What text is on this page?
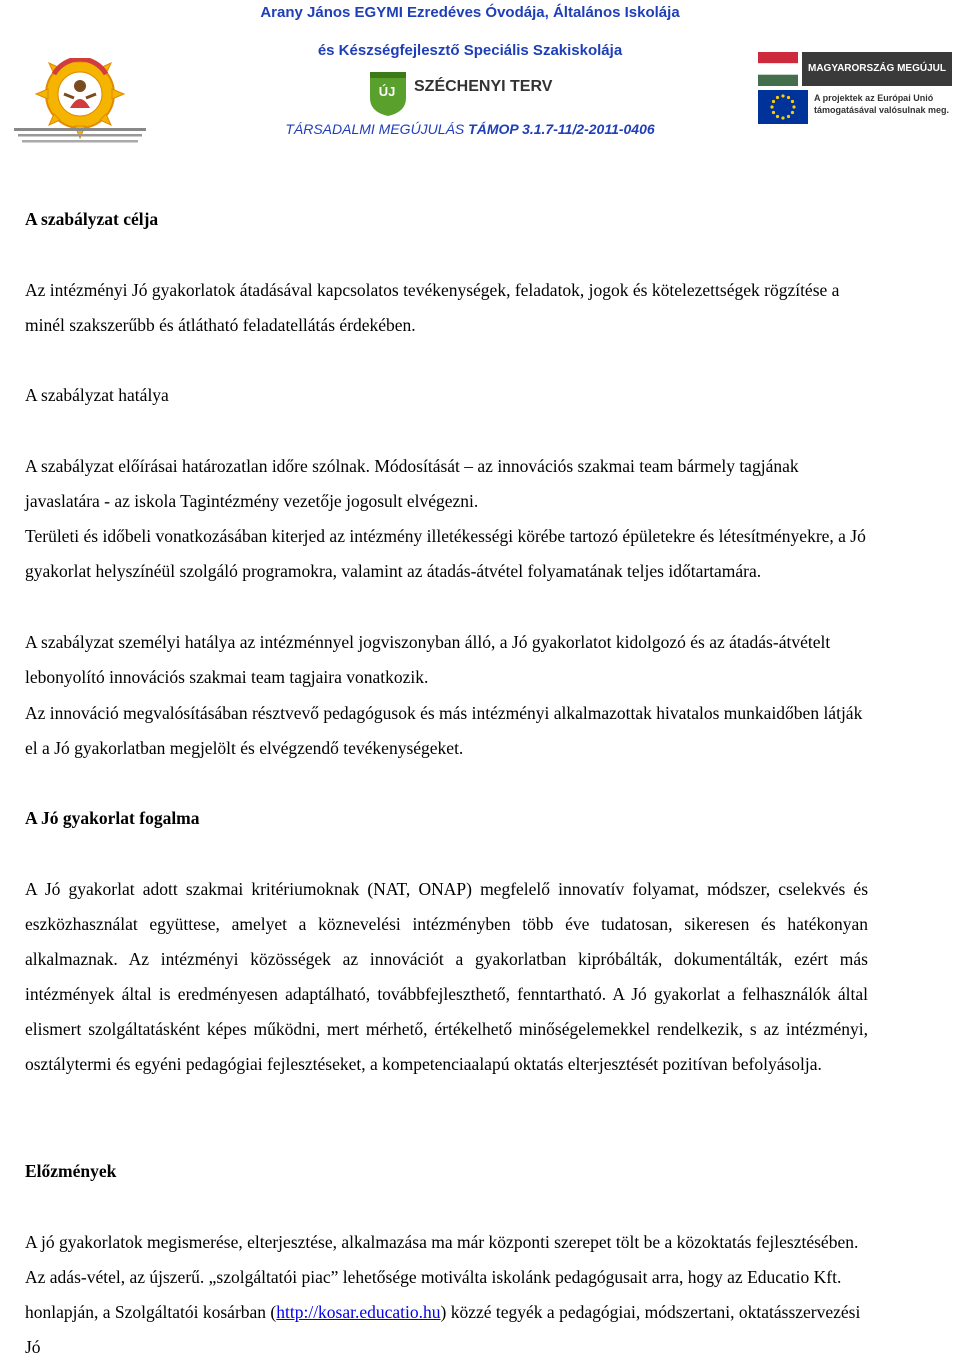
Arany János EGYMI Ezredéves Óvodája, Általános Iskolája
és Készségfejlesztő Speciális Szakiskolája
ÚJ	SZÉCHENYI TERV
MAGYARORSZÁG MEGÚJUL
A projektek az Európai Unió
támogatásával valósulnak meg.
TÁRSADALMI MEGÚJULÁS TÁMOP 3.1.7-11/2-2011-0406

A szabályzat célja

Az intézményi Jó gyakorlatok átadásával kapcsolatos tevékenységek, feladatok, jogok és kötelezettségek rögzítése a minél szakszerűbb és átlátható feladatellátás érdekében.

A szabályzat hatálya

A szabályzat előírásai határozatlan időre szólnak. Módosítását – az innovációs szakmai team bármely tagjának javaslatára - az iskola Tagintézmény vezetője jogosult elvégezni.

Területi és időbeli vonatkozásában kiterjed az intézmény illetékességi körébe tartozó épületekre és létesítményekre, a Jó gyakorlat helyszínéül szolgáló programokra, valamint az átadás-átvétel folyamatának teljes időtartamára.

A szabályzat személyi hatálya az intézménnyel jogviszonyban álló, a Jó gyakorlatot kidolgozó és az átadás-átvételt lebonyolító innovációs szakmai team tagjaira vonatkozik.

Az innováció megvalósításában résztvevő pedagógusok és más intézményi alkalmazottak hivatalos munkaidőben látják el a Jó gyakorlatban megjelölt és elvégzendő tevékenységeket.

A Jó gyakorlat fogalma

A Jó gyakorlat adott szakmai kritériumoknak (NAT, ONAP) megfelelő innovatív folyamat, módszer, cselekvés és eszközhasználat együttese, amelyet a köznevelési intézményben több éve tudatosan, sikeresen és hatékonyan alkalmaznak. Az intézményi közösségek az innovációt a gyakorlatban kipróbálták, dokumentálták, ezért más intézmények által is eredményesen adaptálható, továbbfejleszthető, fenntartható. A Jó gyakorlat a felhasználók által elismert szolgáltatásként képes működni, mert mérhető, értékelhető minőségelemekkel rendelkezik, s az intézményi, osztálytermi és egyéni pedagógiai fejlesztéseket, a kompetenciaalapú oktatás elterjesztését pozitívan befolyásolja.

Előzmények

A jó gyakorlatok megismerése, elterjesztése, alkalmazása ma már központi szerepet tölt be a közoktatás fejlesztésében. Az adás-vétel, az újszerű. „szolgáltatói piac” lehetősége motiválta iskolánk pedagógusait arra, hogy az Educatio Kft. honlapján, a Szolgáltatói kosárban (http://kosar.educatio.hu) közzé tegyék a pedagógiai, módszertani, oktatásszervezési Jó
